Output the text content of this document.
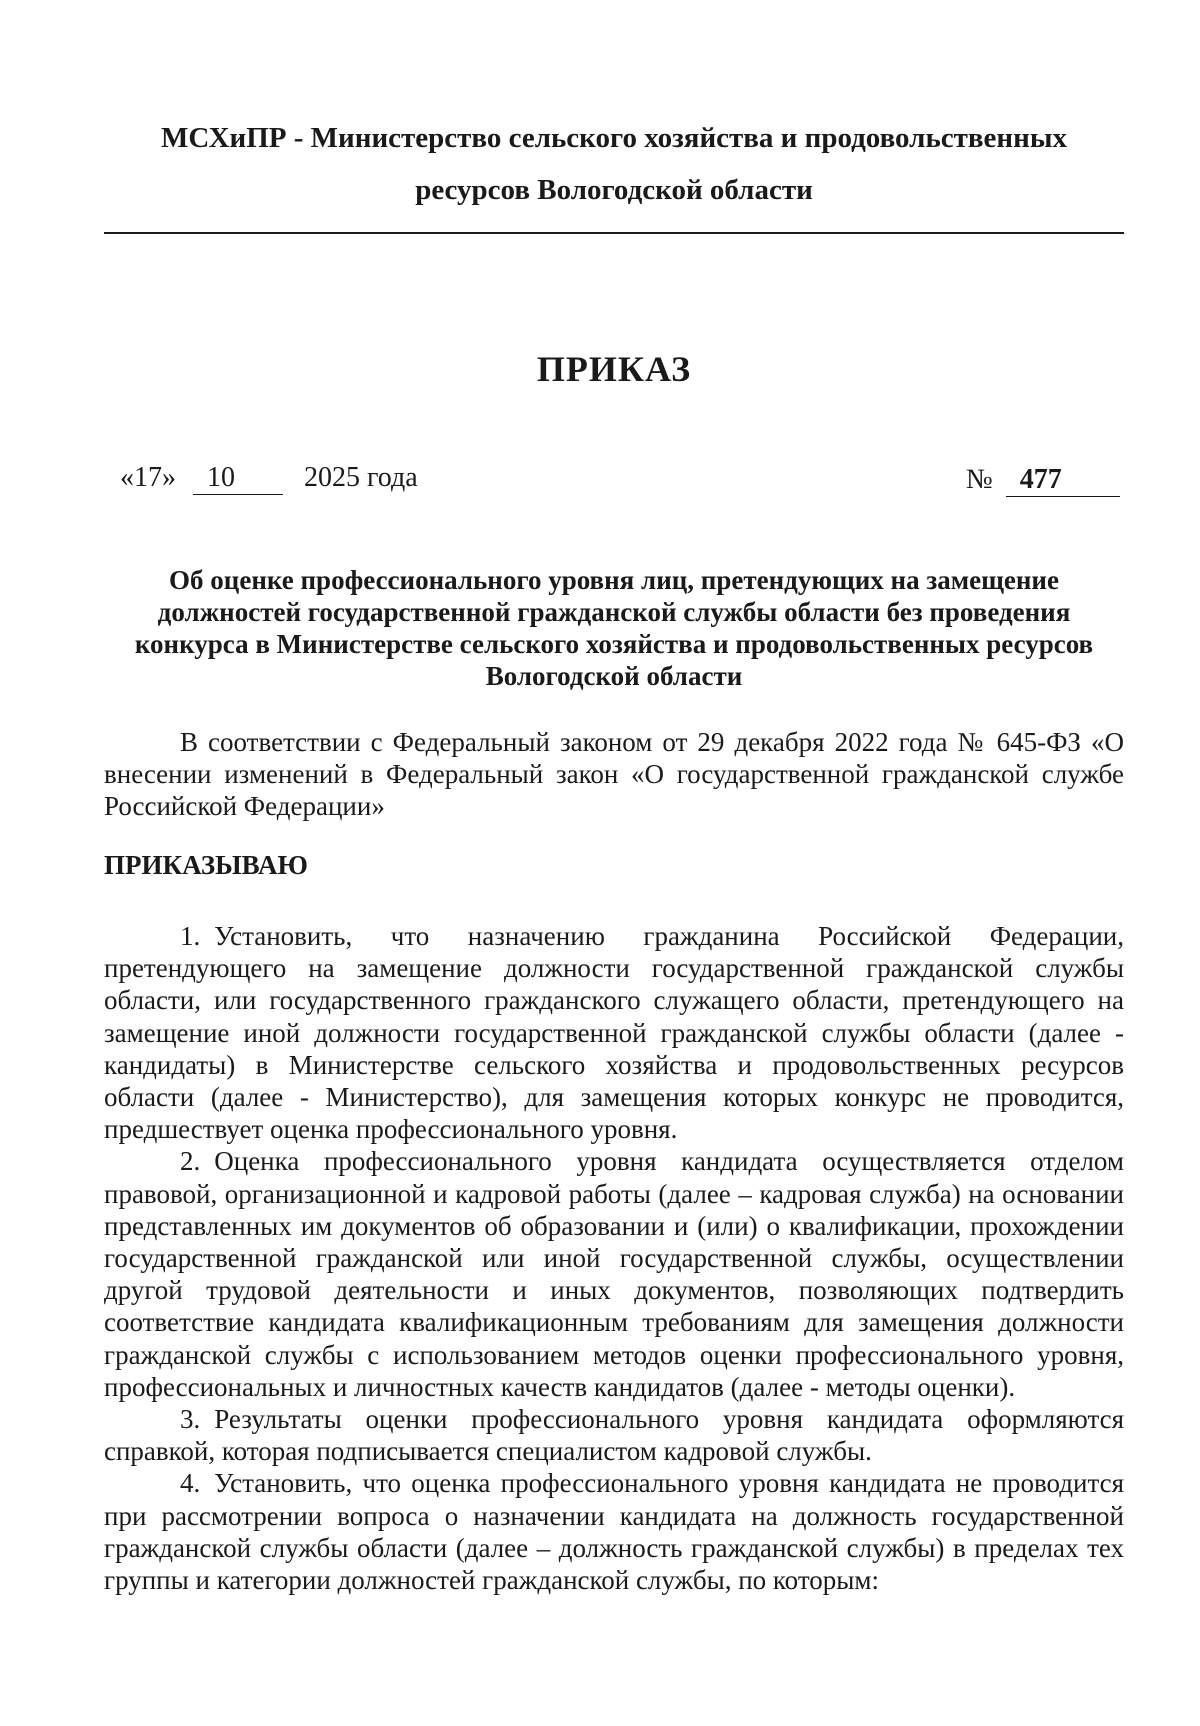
МСХиПР - Министерство сельского хозяйства и продовольственных
ресурсов Вологодской области
ПРИКАЗ
«17» 10 2025 года	№ 477
Об оценке профессионального уровня лиц, претендующих на замещение должностей государственной гражданской службы области без проведения конкурса в Министерстве сельского хозяйства и продовольственных ресурсов Вологодской области
В соответствии с Федеральный законом от 29 декабря 2022 года № 645-ФЗ «О внесении изменений в Федеральный закон «О государственной гражданской службе Российской Федерации»
ПРИКАЗЫВАЮ

1. Установить, что назначению гражданина Российской Федерации, претендующего на замещение должности государственной гражданской службы области, или государственного гражданского служащего области, претендующего на замещение иной должности государственной гражданской службы области (далее - кандидаты) в Министерстве сельского хозяйства и продовольственных ресурсов области (далее - Министерство), для замещения которых конкурс не проводится, предшествует оценка профессионального уровня.

2. Оценка профессионального уровня кандидата осуществляется отделом правовой, организационной и кадровой работы (далее – кадровая служба) на основании представленных им документов об образовании и (или) о квалификации, прохождении государственной гражданской или иной государственной службы, осуществлении другой трудовой деятельности и иных документов, позволяющих подтвердить соответствие кандидата квалификационным требованиям для замещения должности гражданской службы с использованием методов оценки профессионального уровня, профессиональных и личностных качеств кандидатов (далее - методы оценки).

3. Результаты оценки профессионального уровня кандидата оформляются справкой, которая подписывается специалистом кадровой службы.

4. Установить, что оценка профессионального уровня кандидата не проводится при рассмотрении вопроса о назначении кандидата на должность государственной гражданской службы области (далее – должность гражданской службы) в пределах тех группы и категории должностей гражданской службы, по которым:
